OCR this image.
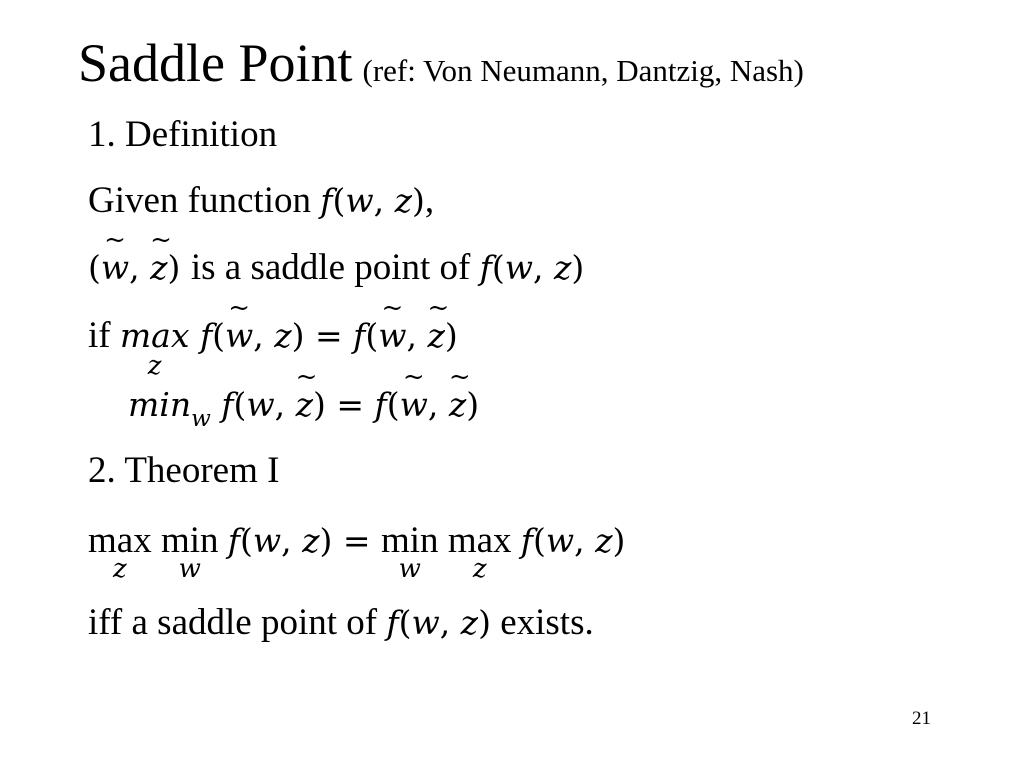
Saddle Point (ref: Von Neumann, Dantzig, Nash)
1. Definition
Given function f(w, z),
(~ w, ~ z) is a saddle point of f(w, z)
if max
z
f(~ w, z) = f(~ w, ~ z)
$\min_w f(w$, ~ z) = f(~ w, ~ z)
2. Theorem I
max
z
min
w
f(w, z) = min
w
max
z
f(w, z)
iff a saddle point of f(w, z) exists.
21
